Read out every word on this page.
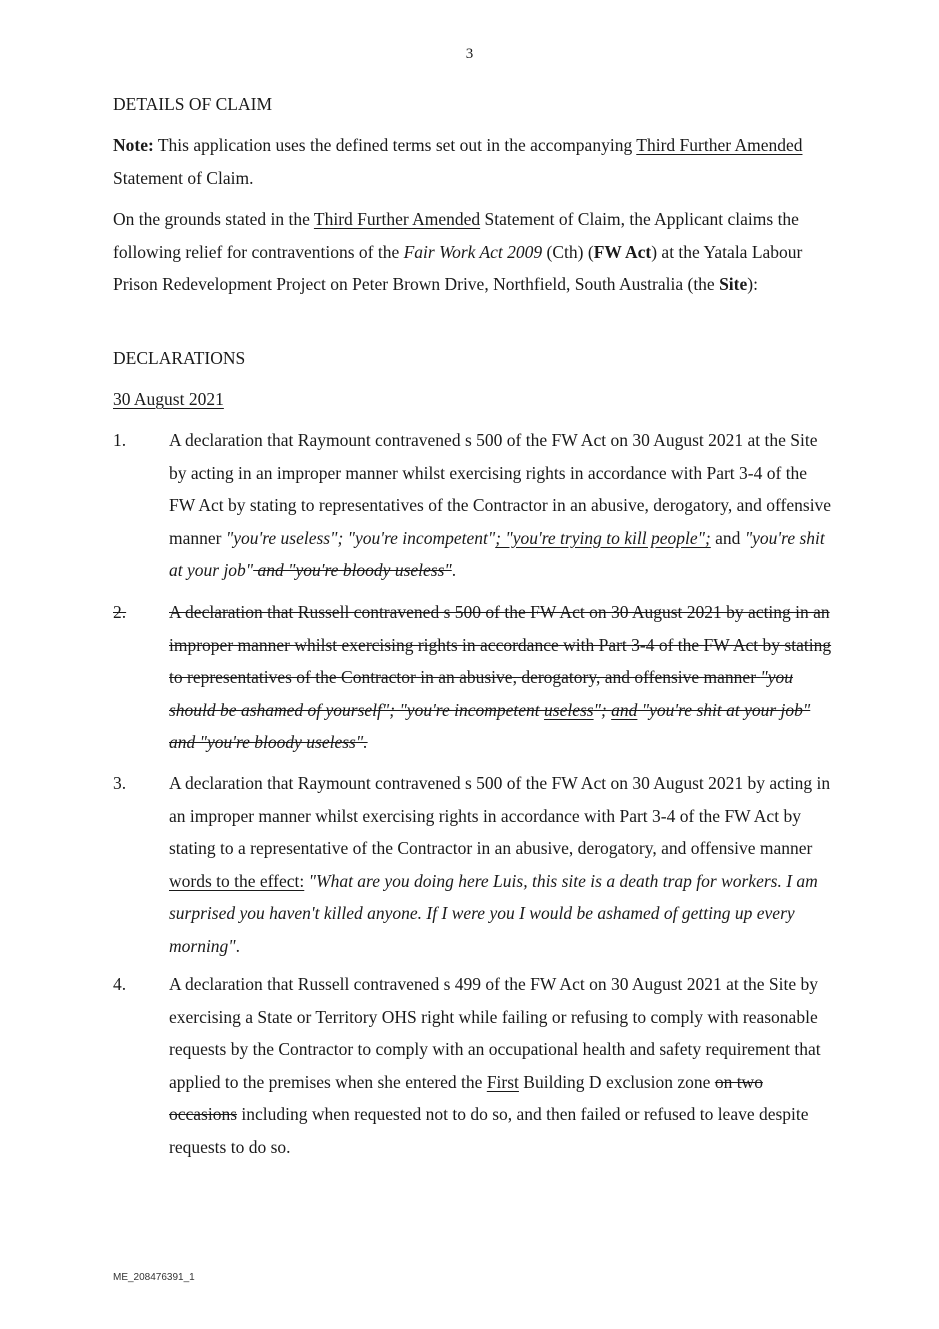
3
DETAILS OF CLAIM
Note: This application uses the defined terms set out in the accompanying Third Further Amended Statement of Claim.
On the grounds stated in the Third Further Amended Statement of Claim, the Applicant claims the following relief for contraventions of the Fair Work Act 2009 (Cth) (FW Act) at the Yatala Labour Prison Redevelopment Project on Peter Brown Drive, Northfield, South Australia (the Site):
DECLARATIONS
30 August 2021
1.	A declaration that Raymount contravened s 500 of the FW Act on 30 August 2021 at the Site by acting in an improper manner whilst exercising rights in accordance with Part 3-4 of the FW Act by stating to representatives of the Contractor in an abusive, derogatory, and offensive manner "you're useless"; "you're incompetent"; "you're trying to kill people"; and "you're shit at your job" and "you're bloody useless".
2.	A declaration that Russell contravened s 500 of the FW Act on 30 August 2021 by acting in an improper manner whilst exercising rights in accordance with Part 3-4 of the FW Act by stating to representatives of the Contractor in an abusive, derogatory, and offensive manner "you should be ashamed of yourself"; "you're incompetent useless"; and "you're shit at your job" and "you're bloody useless".
3.	A declaration that Raymount contravened s 500 of the FW Act on 30 August 2021 by acting in an improper manner whilst exercising rights in accordance with Part 3-4 of the FW Act by stating to a representative of the Contractor in an abusive, derogatory, and offensive manner words to the effect: "What are you doing here Luis, this site is a death trap for workers. I am surprised you haven't killed anyone. If I were you I would be ashamed of getting up every morning".
4.	A declaration that Russell contravened s 499 of the FW Act on 30 August 2021 at the Site by exercising a State or Territory OHS right while failing or refusing to comply with reasonable requests by the Contractor to comply with an occupational health and safety requirement that applied to the premises when she entered the First Building D exclusion zone on two occasions including when requested not to do so, and then failed or refused to leave despite requests to do so.
ME_208476391_1
